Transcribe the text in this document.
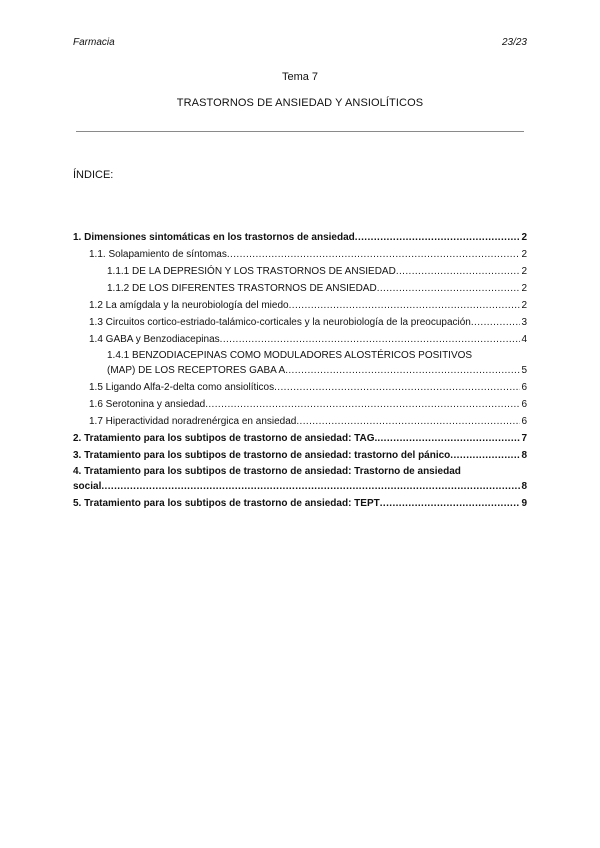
Farmacia	23/23
Tema 7
TRASTORNOS DE ANSIEDAD Y ANSIOLÍTICOS
ÍNDICE:
1. Dimensiones sintomáticas en los trastornos de ansiedad .....	2
1.1. Solapamiento de síntomas .....	2
1.1.1 DE LA DEPRESIÓN Y LOS TRASTORNOS DE ANSIEDAD .....	2
1.1.2 DE LOS DIFERENTES TRASTORNOS DE ANSIEDAD .....	2
1.2 La amígdala y la neurobiología del miedo .....	2
1.3 Circuitos cortico-estriado-talámico-corticales y la neurobiología de la preocupación .....	3
1.4 GABA y Benzodiacepinas .....	4
1.4.1 BENZODIACEPINAS COMO MODULADORES ALOSTÉRICOS POSITIVOS
(MAP) DE LOS RECEPTORES GABA A .....	5
1.5 Ligando Alfa-2-delta como ansiolíticos .....	6
1.6 Serotonina y ansiedad .....	6
1.7 Hiperactividad noradrenérgica en ansiedad .....	6
2. Tratamiento para los subtipos de trastorno de ansiedad: TAG. .....	7
3. Tratamiento para los subtipos de trastorno de ansiedad: trastorno del pánico .....	8
4. Tratamiento para los subtipos de trastorno de ansiedad: Trastorno de ansiedad
social .....	8
5. Tratamiento para los subtipos de trastorno de ansiedad: TEPT .....	9
